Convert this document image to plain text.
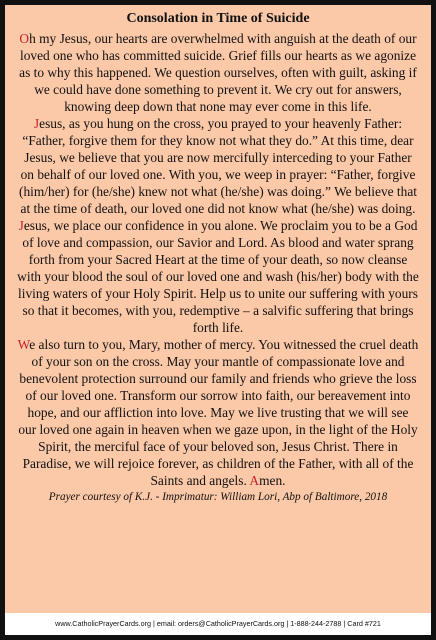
Consolation in Time of Suicide

Oh my Jesus, our hearts are overwhelmed with anguish at the death of our loved one who has committed suicide. Grief fills our hearts as we agonize as to why this happened. We question ourselves, often with guilt, asking if we could have done something to prevent it. We cry out for answers, knowing deep down that none may ever come in this life.

Jesus, as you hung on the cross, you prayed to your heavenly Father: “Father, forgive them for they know not what they do.” At this time, dear Jesus, we believe that you are now mercifully interceding to your Father on behalf of our loved one. With you, we weep in prayer: “Father, forgive (him/her) for (he/she) knew not what (he/she) was doing.” We believe that at the time of death, our loved one did not know what (he/she) was doing.

Jesus, we place our confidence in you alone. We proclaim you to be a God of love and compassion, our Savior and Lord. As blood and water sprang forth from your Sacred Heart at the time of your death, so now cleanse with your blood the soul of our loved one and wash (his/her) body with the living waters of your Holy Spirit. Help us to unite our suffering with yours so that it becomes, with you, redemptive – a salvific suffering that brings forth life.

We also turn to you, Mary, mother of mercy. You witnessed the cruel death of your son on the cross. May your mantle of compassionate love and benevolent protection surround our family and friends who grieve the loss of our loved one. Transform our sorrow into faith, our bereavement into hope, and our affliction into love. May we live trusting that we will see our loved one again in heaven when we gaze upon, in the light of the Holy Spirit, the merciful face of your beloved son, Jesus Christ. There in Paradise, we will rejoice forever, as children of the Father, with all of the Saints and angels. Amen.

Prayer courtesy of K.J. - Imprimatur: William Lori, Abp of Baltimore, 2018
www.CatholicPrayerCards.org | email: orders@CatholicPrayerCards.org | 1-888-244-2788 | Card #721
